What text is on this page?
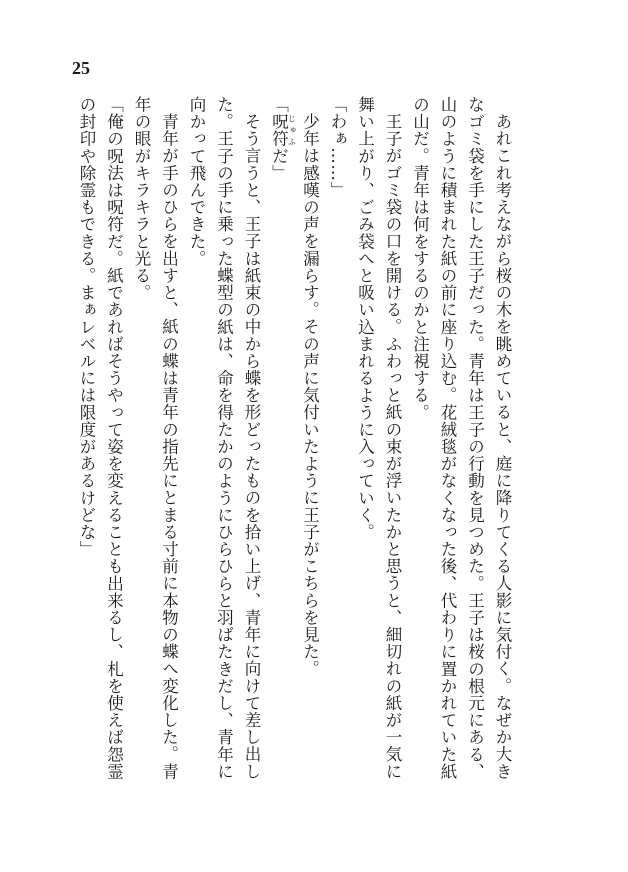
25

あれこれ考えながら桜の木を眺めていると、庭に降りてくる人影に気付く。なぜか大きなゴミ袋を手にした王子だった。青年は王子の行動を見つめた。王子は桜の根元にある、山のように積まれた紙の前に座り込む。花絨毯がなくなった後、代わりに置かれていた紙の山だ。青年は何をするのかと注視する。

王子がゴミ袋の口を開ける。ふわっと紙の束が浮いたかと思うと、細切れの紙が一気に舞い上がり、ごみ袋へと吸い込まれるように入っていく。

「わぁ……」

少年は感嘆の声を漏らす。その声に気付いたように王子がこちらを見た。

「呪符 じゅふだ」

そう言うと、王子は紙束の中から蝶を形どったものを拾い上げ、青年に向けて差し出した。王子の手に乗った蝶型の紙は、命を得たかのようにひらひらと羽ばたきだし、青年に向かって飛んできた。

青年が手のひらを出すと、紙の蝶は青年の指先にとまる寸前に本物の蝶へ変化した。青年の眼がキラキラと光る。

「俺の呪法は呪符だ。紙であればそうやって姿を変えることも出来るし、札を使えば怨霊の封印や除霊もできる。まぁレベルには限度があるけどな」
